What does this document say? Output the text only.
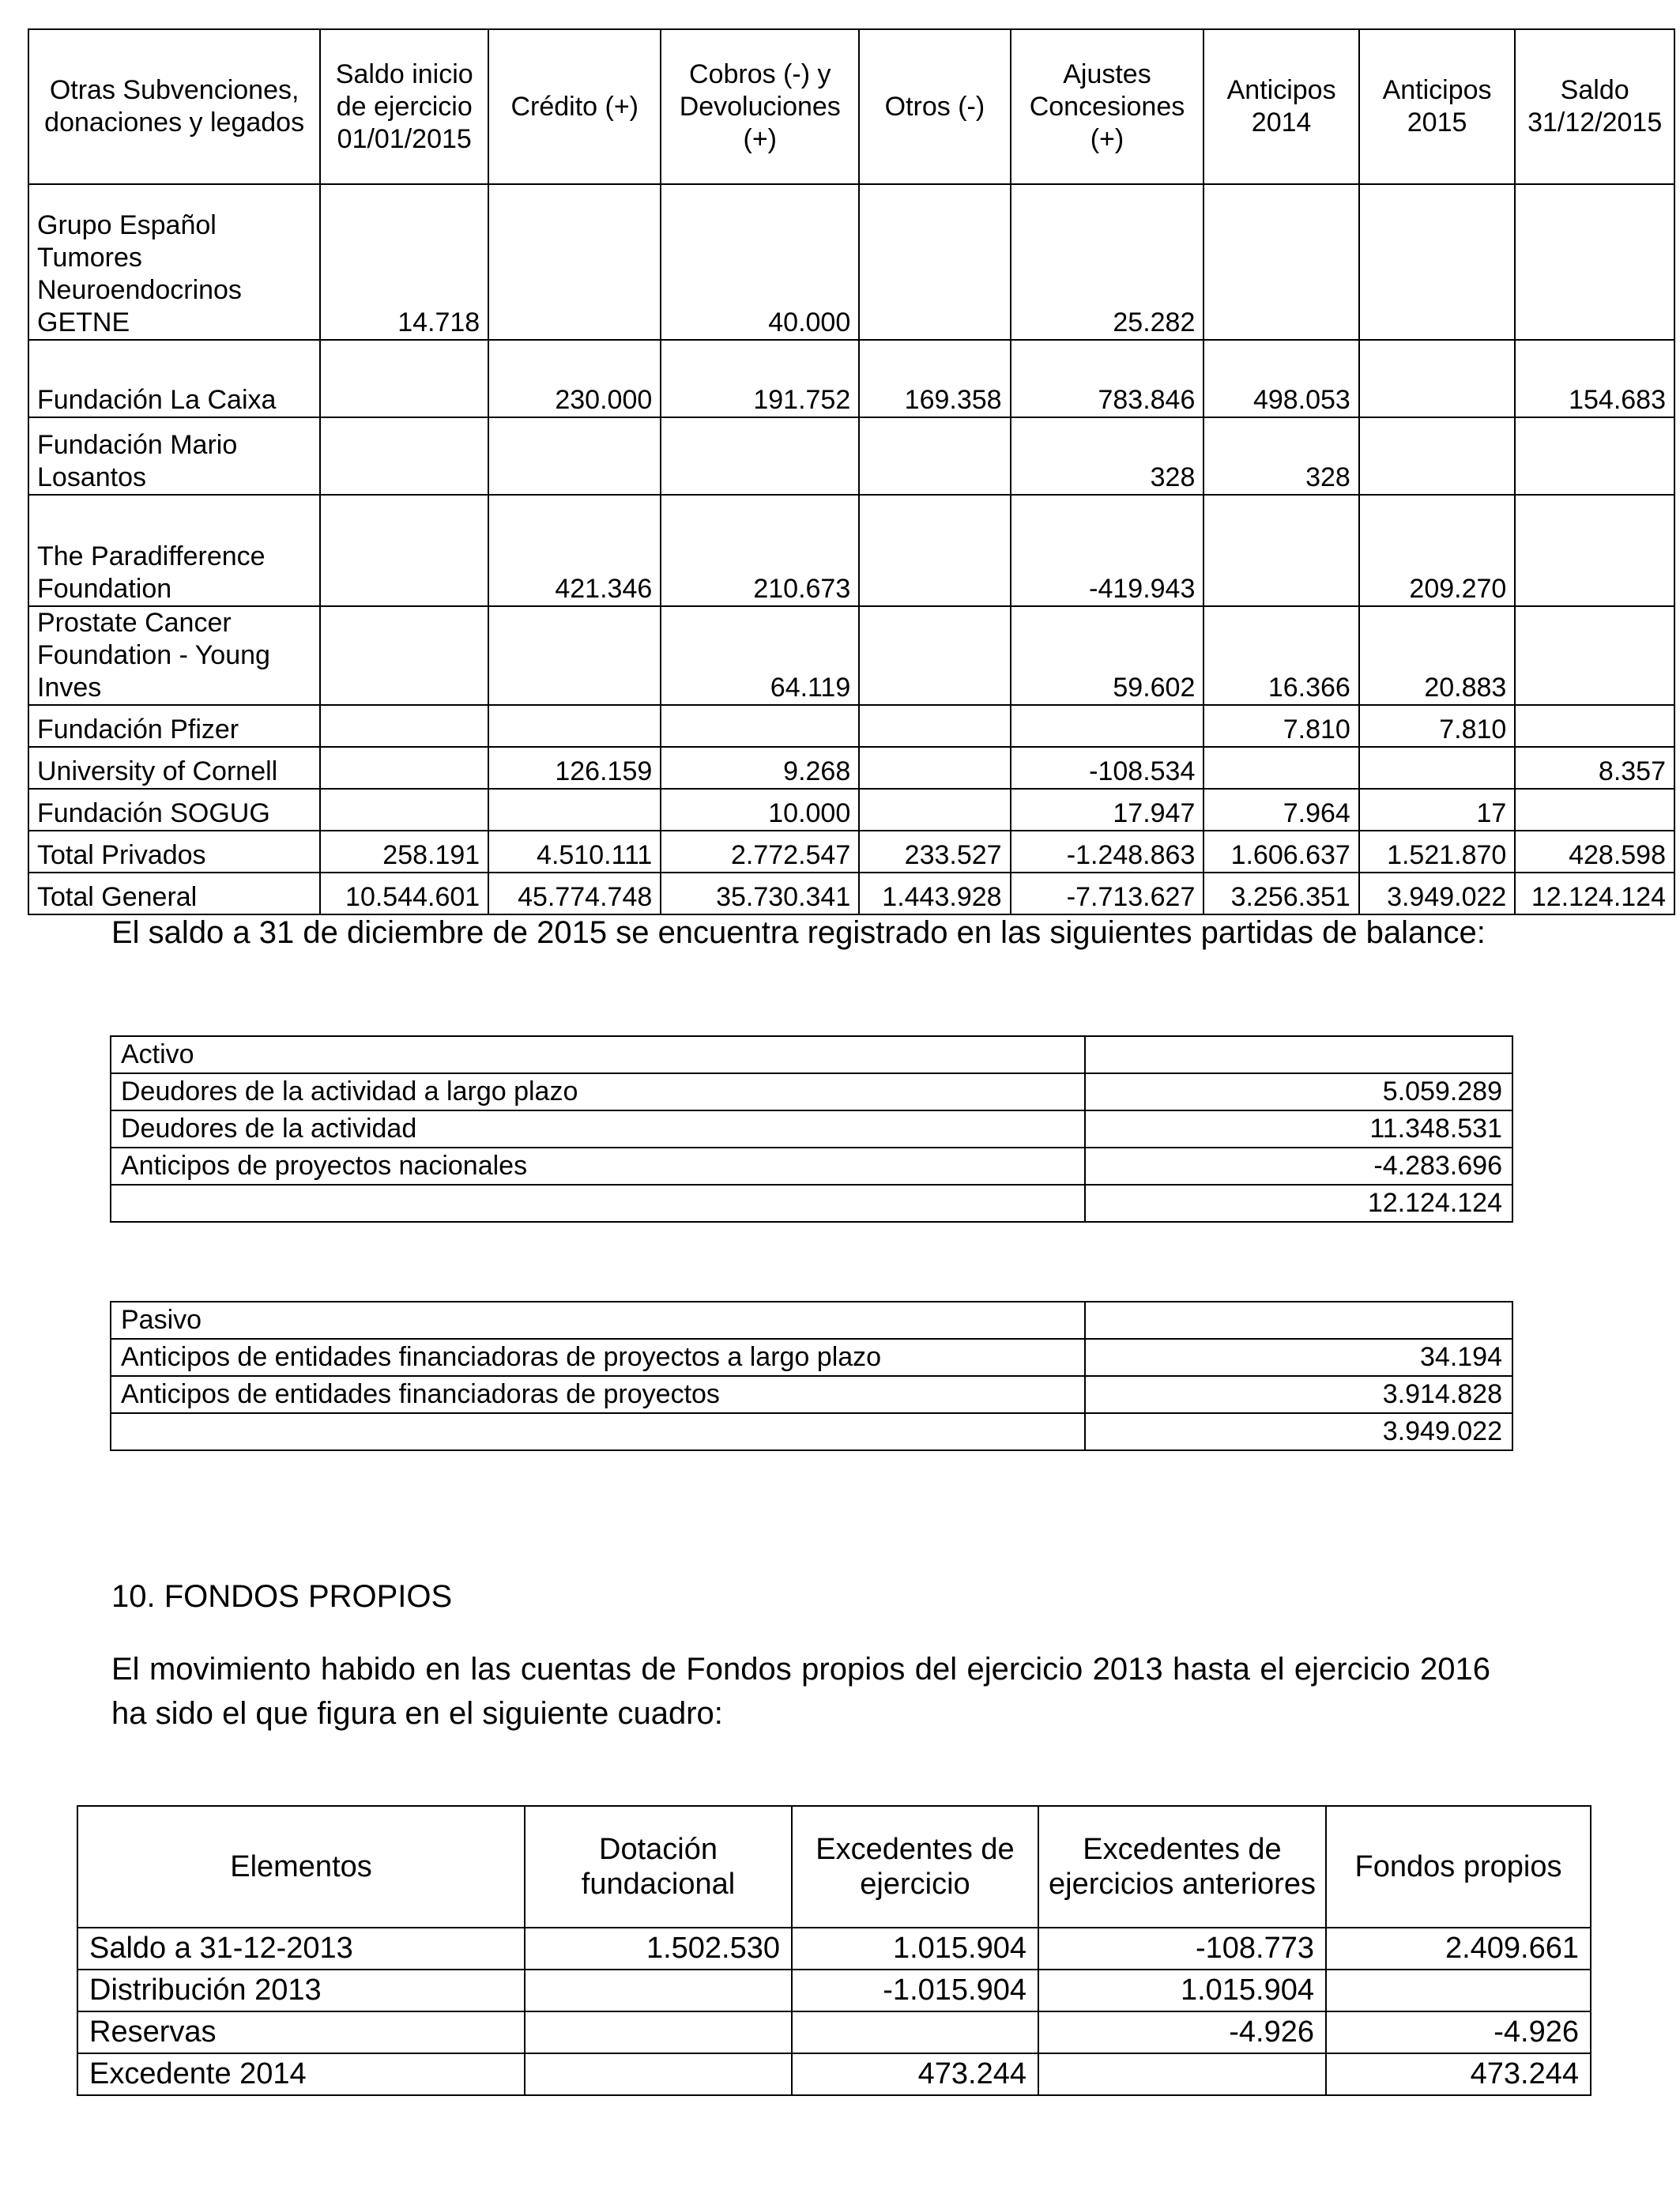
Otras Subvenciones, donaciones y legados	Saldo inicio de ejercicio 01/01/2015	Crédito (+)	Cobros (-) y Devoluciones (+)	Otros (-)	Ajustes Concesiones (+)	Anticipos 2014	Anticipos 2015	Saldo 31/12/2015
Grupo Español Tumores Neuroendocrinos GETNE	14.718		40.000		25.282			
Fundación La Caixa		230.000	191.752	169.358	783.846	498.053		154.683
Fundación Mario Losantos					328	328		
The Paradifference Foundation		421.346	210.673		-419.943		209.270	
Prostate Cancer Foundation - Young Inves			64.119		59.602	16.366	20.883	
Fundación Pfizer						7.810	7.810	
University of Cornell		126.159	9.268		-108.534			8.357
Fundación SOGUG			10.000		17.947	7.964	17	
Total Privados	258.191	4.510.111	2.772.547	233.527	-1.248.863	1.606.637	1.521.870	428.598
Total General	10.544.601	45.774.748	35.730.341	1.443.928	-7.713.627	3.256.351	3.949.022	12.124.124
El saldo a 31 de diciembre de 2015 se encuentra registrado en las siguientes partidas de balance:
Activo	
Deudores de la actividad a largo plazo	5.059.289
Deudores de la actividad	11.348.531
Anticipos de proyectos nacionales	-4.283.696
	12.124.124
Pasivo	
Anticipos de entidades financiadoras de proyectos a largo plazo	34.194
Anticipos de entidades financiadoras de proyectos	3.914.828
	3.949.022
10. FONDOS PROPIOS
El movimiento habido en las cuentas de Fondos propios del ejercicio 2013 hasta el ejercicio 2016 ha sido el que figura en el siguiente cuadro:
Elementos	Dotación fundacional	Excedentes de ejercicio	Excedentes de ejercicios anteriores	Fondos propios
Saldo a 31-12-2013	1.502.530	1.015.904	-108.773	2.409.661
Distribución 2013		-1.015.904	1.015.904	
Reservas			-4.926	-4.926
Excedente 2014		473.244		473.244
